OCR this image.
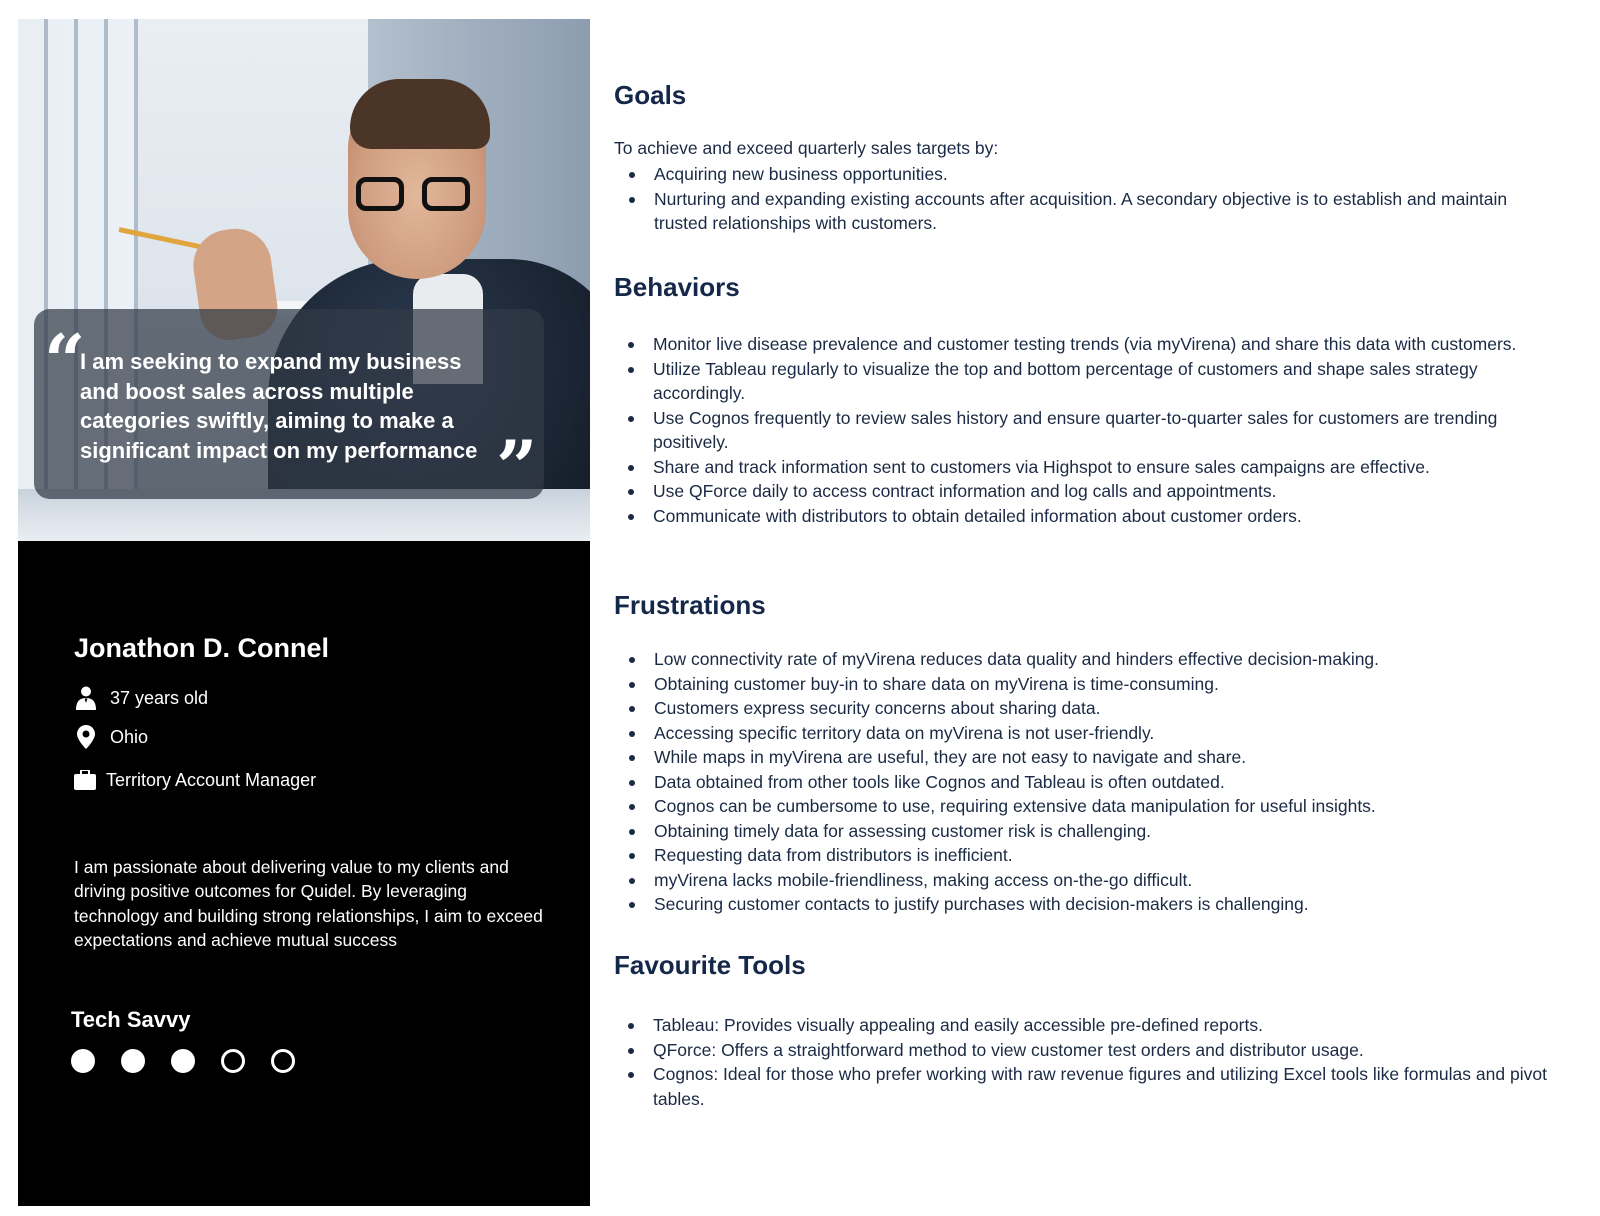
“
I am seeking to expand my business and boost sales across multiple categories swiftly, aiming to make a significant impact on my performance ”
Jonathon D. Connel
37 years old
Ohio
Territory Account Manager
I am passionate about delivering value to my clients and driving positive outcomes for Quidel. By leveraging technology and building strong relationships, I aim to exceed expectations and achieve mutual success
Tech Savvy
Goals
To achieve and exceed quarterly sales targets by:
Acquiring new business opportunities.
Nurturing and expanding existing accounts after acquisition. A secondary objective is to establish and maintain trusted relationships with customers.
Behaviors
Monitor live disease prevalence and customer testing trends (via myVirena) and share this data with customers.
Utilize Tableau regularly to visualize the top and bottom percentage of customers and shape sales strategy accordingly.
Use Cognos frequently to review sales history and ensure quarter-to-quarter sales for customers are trending positively.
Share and track information sent to customers via Highspot to ensure sales campaigns are effective.
Use QForce daily to access contract information and log calls and appointments.
Communicate with distributors to obtain detailed information about customer orders.
Frustrations
Low connectivity rate of myVirena reduces data quality and hinders effective decision-making.
Obtaining customer buy-in to share data on myVirena is time-consuming.
Customers express security concerns about sharing data.
Accessing specific territory data on myVirena is not user-friendly.
While maps in myVirena are useful, they are not easy to navigate and share.
Data obtained from other tools like Cognos and Tableau is often outdated.
Cognos can be cumbersome to use, requiring extensive data manipulation for useful insights.
Obtaining timely data for assessing customer risk is challenging.
Requesting data from distributors is inefficient.
myVirena lacks mobile-friendliness, making access on-the-go difficult.
Securing customer contacts to justify purchases with decision-makers is challenging.
Favourite Tools
Tableau: Provides visually appealing and easily accessible pre-defined reports.
QForce: Offers a straightforward method to view customer test orders and distributor usage.
Cognos: Ideal for those who prefer working with raw revenue figures and utilizing Excel tools like formulas and pivot tables.
